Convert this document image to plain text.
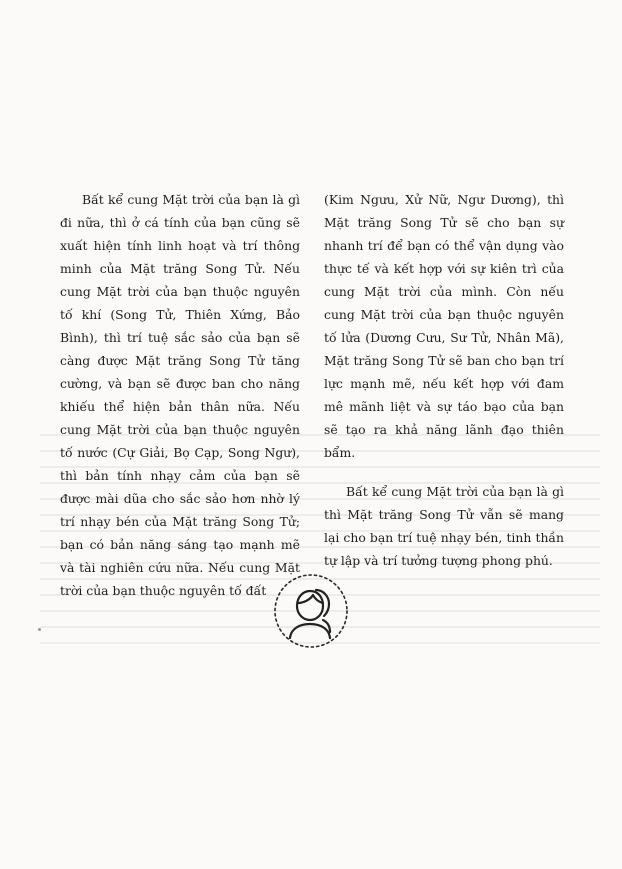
Bất kể cung Mặt trời của bạn là gì đi nữa, thì ở cá tính của bạn cũng sẽ xuất hiện tính linh hoạt và trí thông minh của Mặt trăng Song Tử. Nếu cung Mặt trời của bạn thuộc nguyên tố khí (Song Tử, Thiên Xứng, Bảo Bình), thì trí tuệ sắc sảo của bạn sẽ càng được Mặt trăng Song Tử tăng cường, và bạn sẽ được ban cho năng khiếu thể hiện bản thân nữa. Nếu cung Mặt trời của bạn thuộc nguyên tố nước (Cự Giải, Bọ Cạp, Song Ngư), thì bản tính nhạy cảm của bạn sẽ được mài dũa cho sắc sảo hơn nhờ lý trí nhạy bén của Mặt trăng Song Tử; bạn có bản năng sáng tạo mạnh mẽ và tài nghiên cứu nữa. Nếu cung Mặt trời của bạn thuộc nguyên tố đất

(Kim Ngưu, Xử Nữ, Ngư Dương), thì Mặt trăng Song Tử sẽ cho bạn sự nhanh trí để bạn có thể vận dụng vào thực tế và kết hợp với sự kiên trì của cung Mặt trời của mình. Còn nếu cung Mặt trời của bạn thuộc nguyên tố lửa (Dương Cưu, Sư Tử, Nhân Mã), Mặt trăng Song Tử sẽ ban cho bạn trí lực mạnh mẽ, nếu kết hợp với đam mê mãnh liệt và sự táo bạo của bạn sẽ tạo ra khả năng lãnh đạo thiên bẩm.

Bất kể cung Mặt trời của bạn là gì thì Mặt trăng Song Tử vẫn sẽ mang lại cho bạn trí tuệ nhạy bén, tinh thần tự lập và trí tưởng tượng phong phú.
